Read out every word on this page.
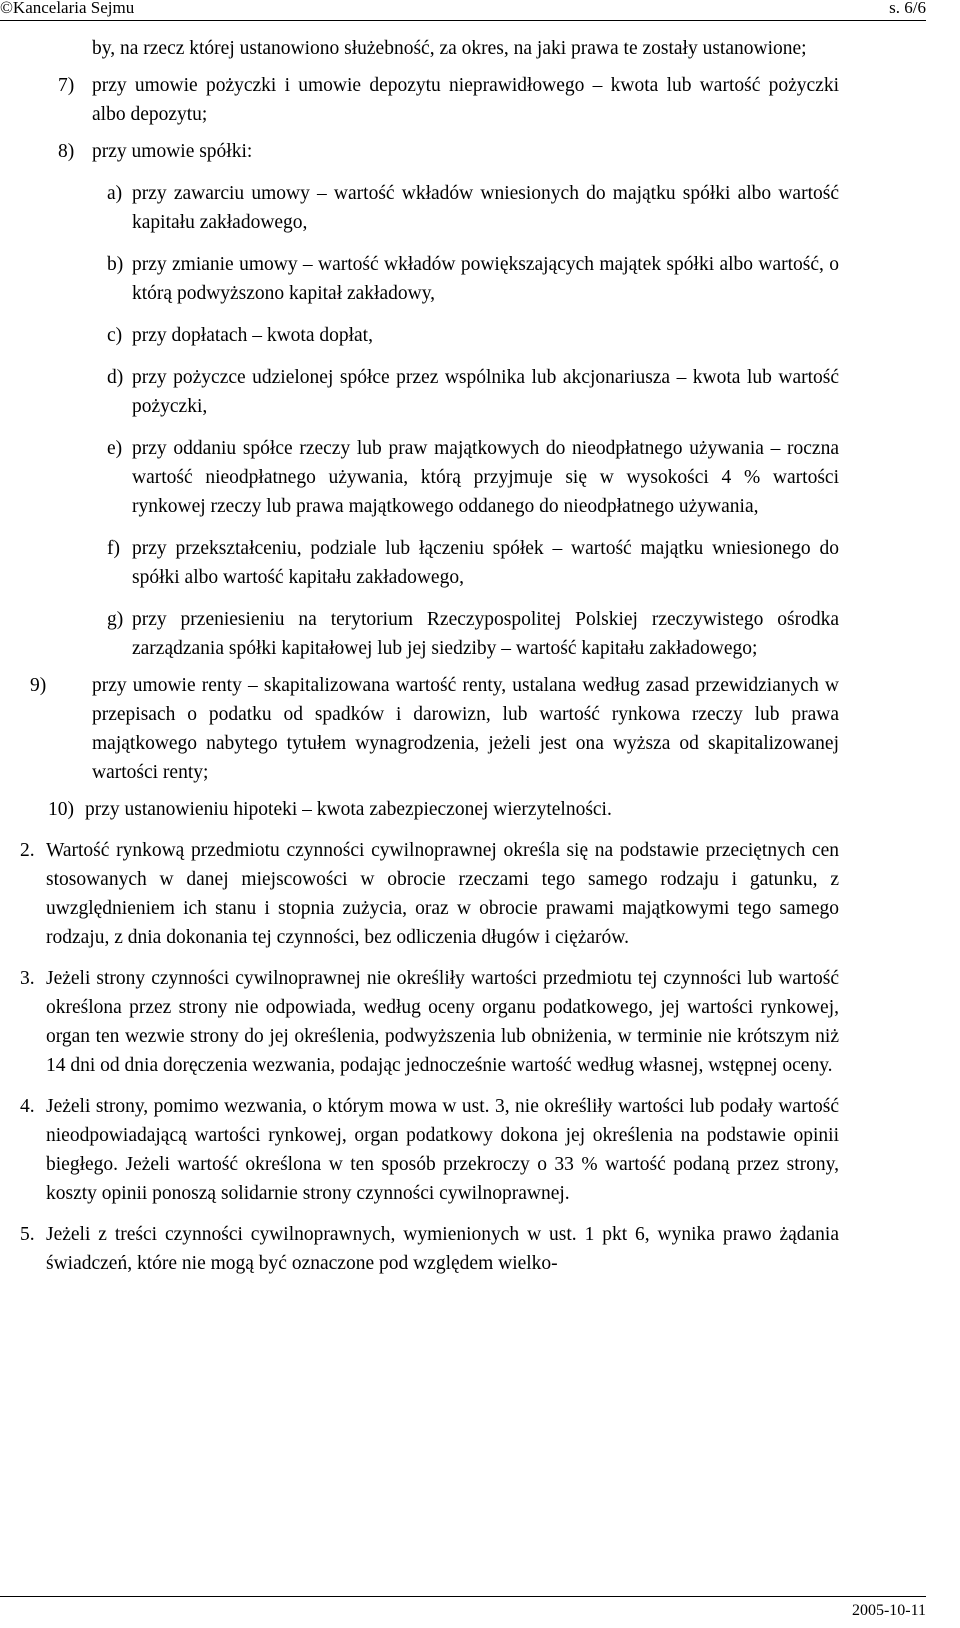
©Kancelaria Sejmu	s. 6/6

by, na rzecz której ustanowiono służebność, za okres, na jaki prawa te zostały ustanowione;

7) przy umowie pożyczki i umowie depozytu nieprawidłowego – kwota lub wartość pożyczki albo depozytu;
8) przy umowie spółki:
a) przy zawarciu umowy – wartość wkładów wniesionych do majątku spółki albo wartość kapitału zakładowego,
b) przy zmianie umowy – wartość wkładów powiększających majątek spółki albo wartość, o którą podwyższono kapitał zakładowy,
c) przy dopłatach – kwota dopłat,
d) przy pożyczce udzielonej spółce przez wspólnika lub akcjonariusza – kwota lub wartość pożyczki,
e) przy oddaniu spółce rzeczy lub praw majątkowych do nieodpłatnego używania – roczna wartość nieodpłatnego używania, którą przyjmuje się w wysokości 4 % wartości rynkowej rzeczy lub prawa majątkowego oddanego do nieodpłatnego używania,
f) przy przekształceniu, podziale lub łączeniu spółek – wartość majątku wniesionego do spółki albo wartość kapitału zakładowego,
g) przy przeniesieniu na terytorium Rzeczypospolitej Polskiej rzeczywistego ośrodka zarządzania spółki kapitałowej lub jej siedziby – wartość kapitału zakładowego;
9) przy umowie renty – skapitalizowana wartość renty, ustalana według zasad przewidzianych w przepisach o podatku od spadków i darowizn, lub wartość rynkowa rzeczy lub prawa majątkowego nabytego tytułem wynagrodzenia, jeżeli jest ona wyższa od skapitalizowanej wartości renty;
10) przy ustanowieniu hipoteki – kwota zabezpieczonej wierzytelności.
2. Wartość rynkową przedmiotu czynności cywilnoprawnej określa się na podstawie przeciętnych cen stosowanych w danej miejscowości w obrocie rzeczami tego samego rodzaju i gatunku, z uwzględnieniem ich stanu i stopnia zużycia, oraz w obrocie prawami majątkowymi tego samego rodzaju, z dnia dokonania tej czynności, bez odliczenia długów i ciężarów.
3. Jeżeli strony czynności cywilnoprawnej nie określiły wartości przedmiotu tej czynności lub wartość określona przez strony nie odpowiada, według oceny organu podatkowego, jej wartości rynkowej, organ ten wezwie strony do jej określenia, podwyższenia lub obniżenia, w terminie nie krótszym niż 14 dni od dnia doręczenia wezwania, podając jednocześnie wartość według własnej, wstępnej oceny.
4. Jeżeli strony, pomimo wezwania, o którym mowa w ust. 3, nie określiły wartości lub podały wartość nieodpowiadającą wartości rynkowej, organ podatkowy dokona jej określenia na podstawie opinii biegłego. Jeżeli wartość określona w ten sposób przekroczy o 33 % wartość podaną przez strony, koszty opinii ponoszą solidarnie strony czynności cywilnoprawnej.
5. Jeżeli z treści czynności cywilnoprawnych, wymienionych w ust. 1 pkt 6, wynika prawo żądania świadczeń, które nie mogą być oznaczone pod względem wielko-
2005-10-11
